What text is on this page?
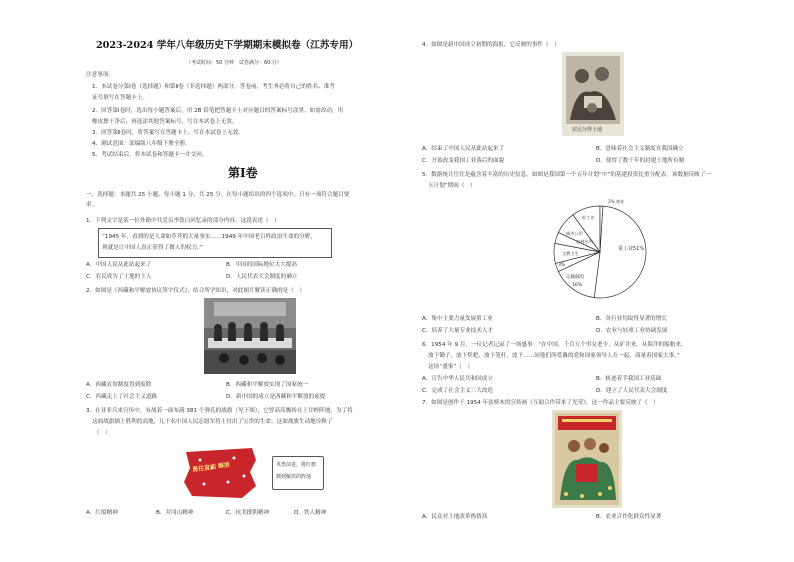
2023-2024 学年八年级历史下学期期末模拟卷（江苏专用）
（考试时间：50 分钟　试卷满分：60 分）
注意事项：
1．本试卷分第Ⅰ卷（选择题）和第Ⅱ卷（非选择题）两部分。答卷前，考生务必将自己的姓名、准考
证号填写在答题卡上。
2．回答第Ⅰ卷时，选出每小题答案后，用 2B 铅笔把答题卡上对应题目的答案标号涂黑。如需改动，用
橡皮擦干净后，再选涂其他答案标号。写在本试卷上无效。
3．回答第Ⅱ卷时，将答案写在答题卡上。写在本试卷上无效。
4．测试范围：部编版八年级下册全册。
5．考试结束后，将本试卷和答题卡一并交回。
第Ⅰ卷
一、选择题：本题共 25 小题，每小题 1 分，共 25 分。在每小题给出的四个选项中，只有一项符合题目要
求。
1．下列文字是某一位外籍中共党员李敦白回忆录的部分内容，这段表述（　）
“1945 年，看到的是人命如草芥的大量事实……1949 年中国老百姓政治生命的分野，
现就是让中国人真正获得了做人的权力。”
A．中国人民从此站起来了	B．中国的国际地位大大提高
C．农民成为了土地的主人	D．人民代表大会制度的确立
2．如图是《西藏和平解放协议签字仪式》，结合所学知识，对此图片解读正确的是（　）
A．西藏农奴制度得到废除	B．西藏和平解放实现了国家统一
C．西藏走上了社会主义道路	D．新中国的成立是西藏和平解放的前提
3．在亚非兵来宣传中，有战着一面布满 381 个弹孔的战旗（见下图），它曾高高飘扬在上甘岭阵地，为了将
这面战旗插上胜利的高地，几千名中国人民志愿军将士付出了宝贵的生命。这面战旗生动地诠释了
（　）
勇往直前 解放	英勇前进，将红旗
插到解放的阵地
A．红船精神	B．井冈山精神	C．抗美援朝精神	D．铁人精神
4．如图是新中国成立初期的海报，它反映的事件（　）
农民分得土地
A．结束了中国人民从此站起来了	B．意味着社会主义制度在我国确立
C．开始改变我国工业落后的面貌	D．使得了数千年的封建土地所有制
5．数据统计往往是蕴含着丰富的历史信息。如图是我国第一个五年计划“中”的基建投资比重分配表，该数据反映了一
五计划“期间（　）
重工业51%
运输邮电
16%
3%
文教卫生
农林水利
城市公用
轻工业
1% 商业
A．集中主要力量发展重工业	B．各行业均取得显著的增长
C．培养了大量专业技术人才	D．农业与轻重工业协调发展
6．1954 年 9 月，一位记者记录了一场盛事：“在中国，千百万个男女老少，从矿井来，从海洋的船舶来，
放下锄子，放下犁耙，放下笔杆，放下……同他们所爱戴的党和国家领导人在一起，商量着国家大事。”
这场“盛事”（　）
A．宣告中华人民共和国成立	B．轨迹着手我国工业基础
C．完成了社会主义三大改造	D．建立了人民代表大会制度
7．如图是创作于 1954 年张桥木的宣传画《互助合作带来了光荣》，这一作品主要反映了（　）
A．民众对土地改革热情高	B．农业合作化群众性显著
